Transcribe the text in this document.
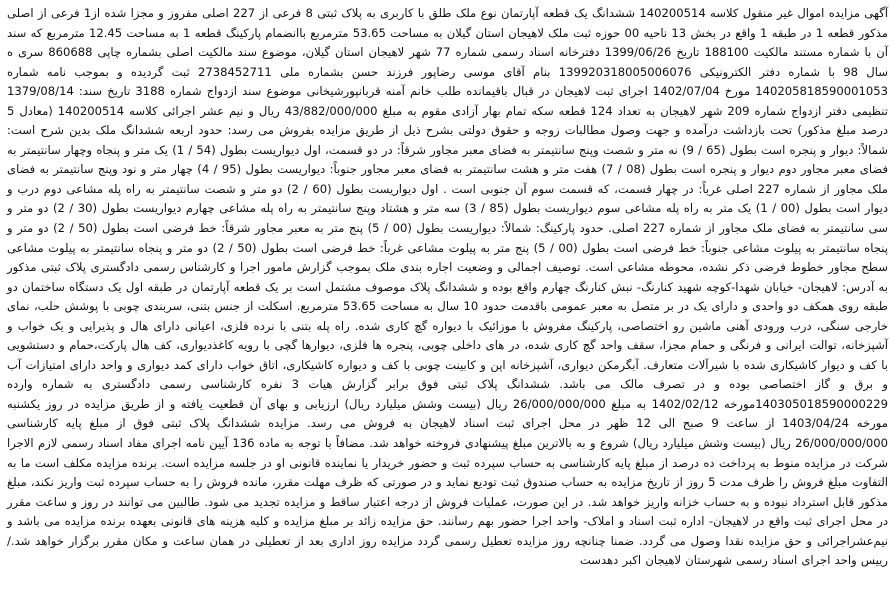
آگهی مزایده اموال غیر منقول کلاسه 140200514 ششدانگ یک قطعه آپارتمان نوع ملک طلق با کاربری به پلاک ثبتی 8 فرعی از 227 اصلی مفروز و مجزا شده از1 فرعی از اصلی مذکور قطعه 1 در طبقه 1 واقع در بخش 13 ناحیه 00 حوزه ثبت ملک لاهیجان استان گیلان به مساحت 53.65 مترمربع باانضمام پارکینگ قطعه 1 به مساحت 12.45 مترمربع که سند آن با شماره مستند مالکیت 188100 تاریخ 1399/06/26 دفترخانه اسناد رسمی شماره 77 شهر لاهیجان استان گیلان، موضوع سند مالکیت اصلی بشماره چاپی 860688 سری ه سال 98 با شماره دفتر الکترونیکی 139920318005006076 بنام آقای موسی رضاپور فرزند حسن بشماره ملی 2738452711 ثبت گردیده و بموجب نامه شماره 140205818590001053 مورخ 1402/07/04 اجرای ثبت لاهیجان در قبال باقیمانده طلب خانم آمنه قربانپورشیخانی موضوع سند ازدواج شماره 3188 تاریخ سند: 1379/08/14 تنظیمی دفتر ازدواج شماره 209 شهر لاهیجان به تعداد 124 قطعه سکه تمام بهار آزادی مقوم به مبلغ 43/882/000/000 ریال و نیم عشر اجرائی کلاسه 140200514 (معادل 5 درصد مبلغ مذکور) تحت بازداشت درآمده و جهت وصول مطالبات زوجه و حقوق دولتی بشرح ذیل از طریق مزایده بفروش می رسد: حدود اربعه ششدانگ ملک بدین شرح است: شمالاً: دیوار و پنجره است بطول (65 / 9) نه متر و شصت وپنج سانتیمتر به فضای معبر مجاور شرقاً: در دو قسمت، اول دیواریست بطول (54 / 1) یک متر و پنجاه وچهار سانتیمتر به فضای معبر مجاور دوم دیوار و پنجره است بطول (08 / 7) هفت متر و هشت سانتیمتر به فضای معبر مجاور جنوباً: دیواریست بطول (95 / 4) چهار متر و نود وپنج سانتیمتر به فضای ملک مجاور از شماره 227 اصلی غرباً: در چهار قسمت، که قسمت سوم آن جنوبی است . اول دیواریست بطول (60 / 2) دو متر و شصت سانتیمتر به راه پله مشاعی دوم درب و دیوار است بطول (00 / 1) یک متر به راه پله مشاعی سوم دیواریست بطول (85 / 3) سه متر و هشتاد وپنج سانتیمتر به راه پله مشاعی چهارم دیواریست بطول (30 / 2) دو متر و سی سانتیمتر به فضای ملک مجاور از شماره 227 اصلی. حدود پارکینگ: شمالاً: دیواریست بطول (00 / 5) پنج متر به معبر مجاور شرقاً: خط فرضی است بطول (50 / 2) دو متر و پنجاه سانتیمتر به پیلوت مشاعی جنوباً: خط فرضی است بطول (00 / 5) پنج متر به پیلوت مشاعی غرباً: خط فرضی است بطول (50 / 2) دو متر و پنجاه سانتیمتر به پیلوت مشاعی سطح مجاور خطوط فرضی ذکر نشده، محوطه مشاعی است. توصیف اجمالی و وضعیت اجاره بندی ملک بموجب گزارش مامور اجرا و کارشناس رسمی دادگستری پلاک ثبتی مذکور به آدرس: لاهیجان- خیابان شهدا-کوچه شهید کنارنگ- نبش کنارنگ چهارم واقع بوده و ششدانگ پلاک موصوف مشتمل است بر یک قطعه آپارتمان در طبقه اول یک دستگاه ساختمان دو طبقه روی همکف دو واحدی و دارای یک در بر متصل به معبر عمومی باقدمت حدود 10 سال به مساحت 53.65 مترمربع. اسکلت از جنس بتنی، سربندی چوبی با پوشش حلب، نمای خارجی سنگی، درب ورودی آهنی ماشین رو اختصاصی، پارکینگ مفروش با موزائیک با دیواره گچ کاری شده. راه پله بتنی با نرده فلزی، اعیانی دارای هال و پذیرایی و یک خواب و آشپزخانه، توالت ایرانی و فرنگی و حمام مجزا، سقف واحد گچ کاری شده، در های داخلی چوبی، پنجره ها فلزی، دیوارها گچی با رویه کاغذدیواری، کف هال پارکت،حمام و دستشویی با کف و دیوار کاشیکاری شده با شیرآلات متعارف. آبگرمکن دیواری، آشپزخانه اپن و کابینت چوبی با کف و دیواره کاشیکاری، اتاق خواب دارای کمد دیواری و واحد دارای امتیازات آب و برق و گاز اختصاصی بوده و در تصرف مالک می باشد. ششدانگ پلاک ثبتی فوق برابر گزارش هیات 3 نفره کارشناسی رسمی دادگستری به شماره وارده 140305018590000229مورخه 1402/02/12 به مبلغ 26/000/000/000 ریال (بیست وشش میلیارد ریال) ارزیابی و بهای آن قطعیت یافته و از طریق مزایده در روز یکشنبه مورخه 1403/04/24 از ساعت 9 صبح الی 12 ظهر در محل اجرای ثبت اسناد لاهیجان به فروش می رسد. مزایده ششدانگ پلاک ثبتی فوق از مبلغ پایه کارشناسی 26/000/000/000 ریال (بیست وشش میلیارد ریال) شروع و به بالاترین مبلغ پیشنهادی فروخته خواهد شد. مضافاً با توجه به ماده 136 آیین نامه اجرای مفاد اسناد رسمی لازم الاجرا شرکت در مزایده منوط به پرداخت ده درصد از مبلغ پایه کارشناسی به حساب سپرده ثبت و حضور خریدار یا نماینده قانونی او در جلسه مزایده است. برنده مزایده مکلف است ما به التفاوت مبلغ فروش را ظرف مدت 5 روز از تاریخ مزایده به حساب صندوق ثبت تودیع نماید و در صورتی که ظرف مهلت مقرر، مانده فروش را به حساب سپرده ثبت واریز نکند، مبلغ مذکور قابل استرداد نبوده و به حساب خزانه واریز خواهد شد. در این صورت، عملیات فروش از درجه اعتبار ساقط و مزایده تجدید می شود. طالبین می توانند در روز و ساعت مقرر در محل اجرای ثبت واقع در لاهیجان- اداره ثبت اسناد و املاک- واحد اجرا حضور بهم رسانند. حق مزایده زائد بر مبلغ مزایده و کلیه هزینه های قانونی بعهده برنده مزایده می باشد و نیم‌عشراجرائی و حق مزایده نقدا وصول می گردد. ضمنا چنانچه روز مزایده تعطیل رسمی گردد مزایده روز اداری بعد از تعطیلی در همان ساعت و مکان مقرر برگزار خواهد شد./ رییس واحد اجرای اسناد رسمی شهرستان لاهیجان اکبر دهدست
